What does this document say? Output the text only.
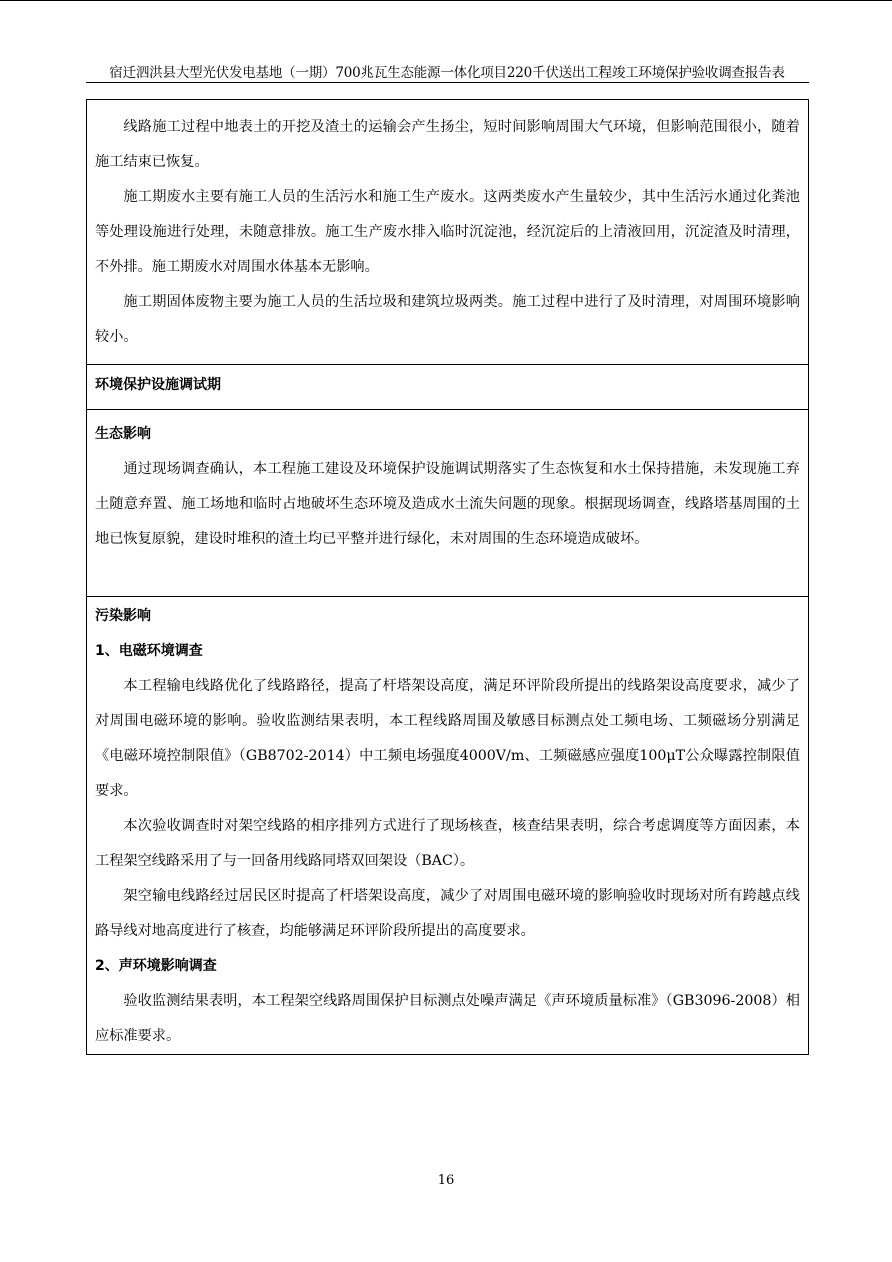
宿迁泗洪县大型光伏发电基地（一期）700兆瓦生态能源一体化项目220千伏送出工程竣工环境保护验收调查报告表

线路施工过程中地表土的开挖及渣土的运输会产生扬尘，短时间影响周围大气环境，但影响范围很小，随着施工结束已恢复。

施工期废水主要有施工人员的生活污水和施工生产废水。这两类废水产生量较少，其中生活污水通过化粪池等处理设施进行处理，未随意排放。施工生产废水排入临时沉淀池，经沉淀后的上清液回用，沉淀渣及时清理，不外排。施工期废水对周围水体基本无影响。

施工期固体废物主要为施工人员的生活垃圾和建筑垃圾两类。施工过程中进行了及时清理，对周围环境影响较小。

环境保护设施调试期

生态影响

通过现场调查确认，本工程施工建设及环境保护设施调试期落实了生态恢复和水土保持措施，未发现施工弃土随意弃置、施工场地和临时占地破坏生态环境及造成水土流失问题的现象。根据现场调查，线路塔基周围的土地已恢复原貌，建设时堆积的渣土均已平整并进行绿化，未对周围的生态环境造成破坏。

污染影响

1、电磁环境调查

本工程输电线路优化了线路路径，提高了杆塔架设高度，满足环评阶段所提出的线路架设高度要求，减少了对周围电磁环境的影响。验收监测结果表明，本工程线路周围及敏感目标测点处工频电场、工频磁场分别满足《电磁环境控制限值》（GB8702-2014）中工频电场强度4000V/m、工频磁感应强度100μT公众曝露控制限值要求。

本次验收调查时对架空线路的相序排列方式进行了现场核查，核查结果表明，综合考虑调度等方面因素，本工程架空线路采用了与一回备用线路同塔双回架设（BAC）。

架空输电线路经过居民区时提高了杆塔架设高度，减少了对周围电磁环境的影响验收时现场对所有跨越点线路导线对地高度进行了核查，均能够满足环评阶段所提出的高度要求。

2、声环境影响调查

验收监测结果表明，本工程架空线路周围保护目标测点处噪声满足《声环境质量标准》（GB3096-2008）相应标准要求。

16
